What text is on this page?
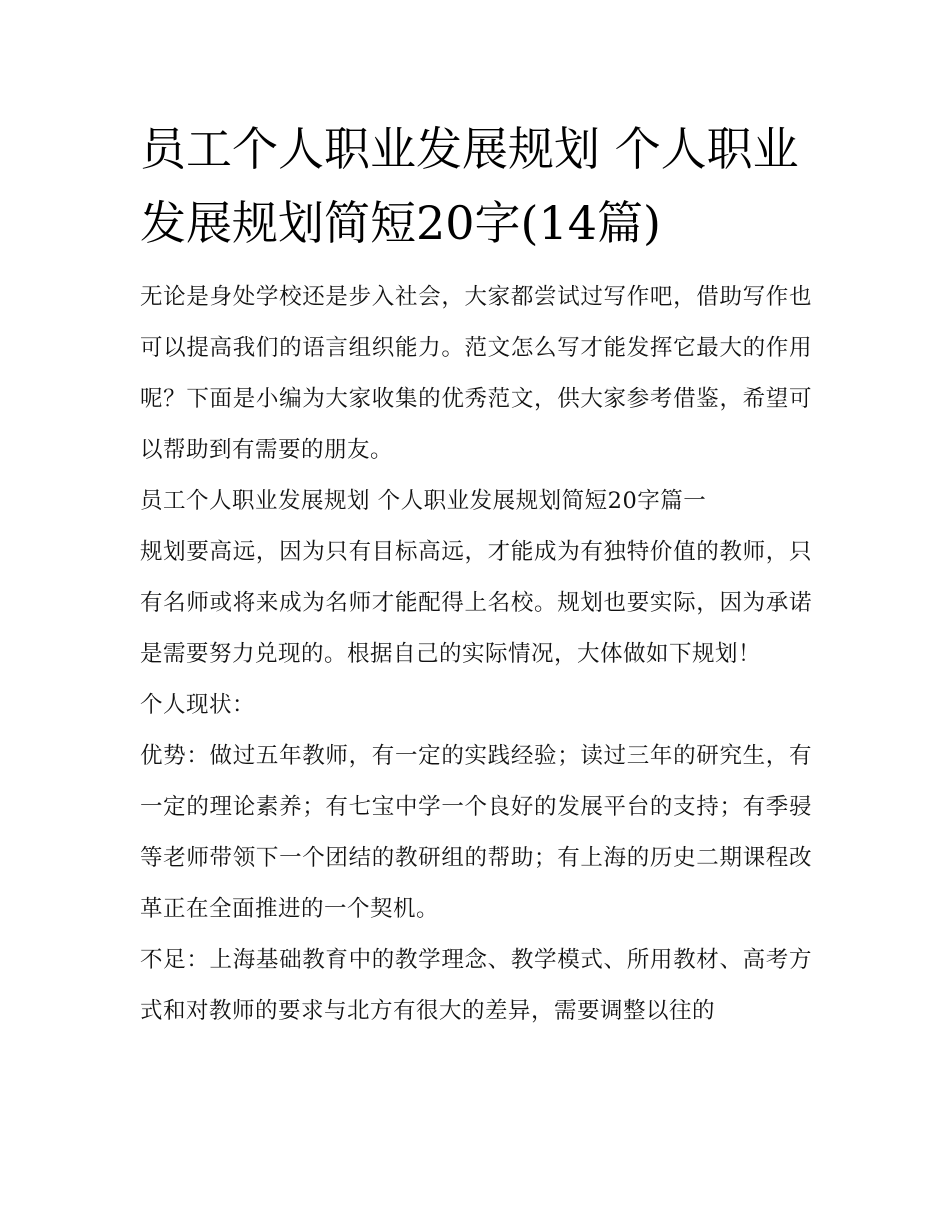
员工个人职业发展规划 个人职业发展规划简短20字(14篇)

无论是身处学校还是步入社会，大家都尝试过写作吧，借助写作也可以提高我们的语言组织能力。范文怎么写才能发挥它最大的作用呢？下面是小编为大家收集的优秀范文，供大家参考借鉴，希望可以帮助到有需要的朋友。

员工个人职业发展规划 个人职业发展规划简短20字篇一

规划要高远，因为只有目标高远，才能成为有独特价值的教师，只有名师或将来成为名师才能配得上名校。规划也要实际，因为承诺是需要努力兑现的。根据自己的实际情况，大体做如下规划！

个人现状：

优势：做过五年教师，有一定的实践经验；读过三年的研究生，有一定的理论素养；有七宝中学一个良好的发展平台的支持；有季骎等老师带领下一个团结的教研组的帮助；有上海的历史二期课程改革正在全面推进的一个契机。

不足：上海基础教育中的教学理念、教学模式、所用教材、高考方式和对教师的要求与北方有很大的差异，需要调整以往的
